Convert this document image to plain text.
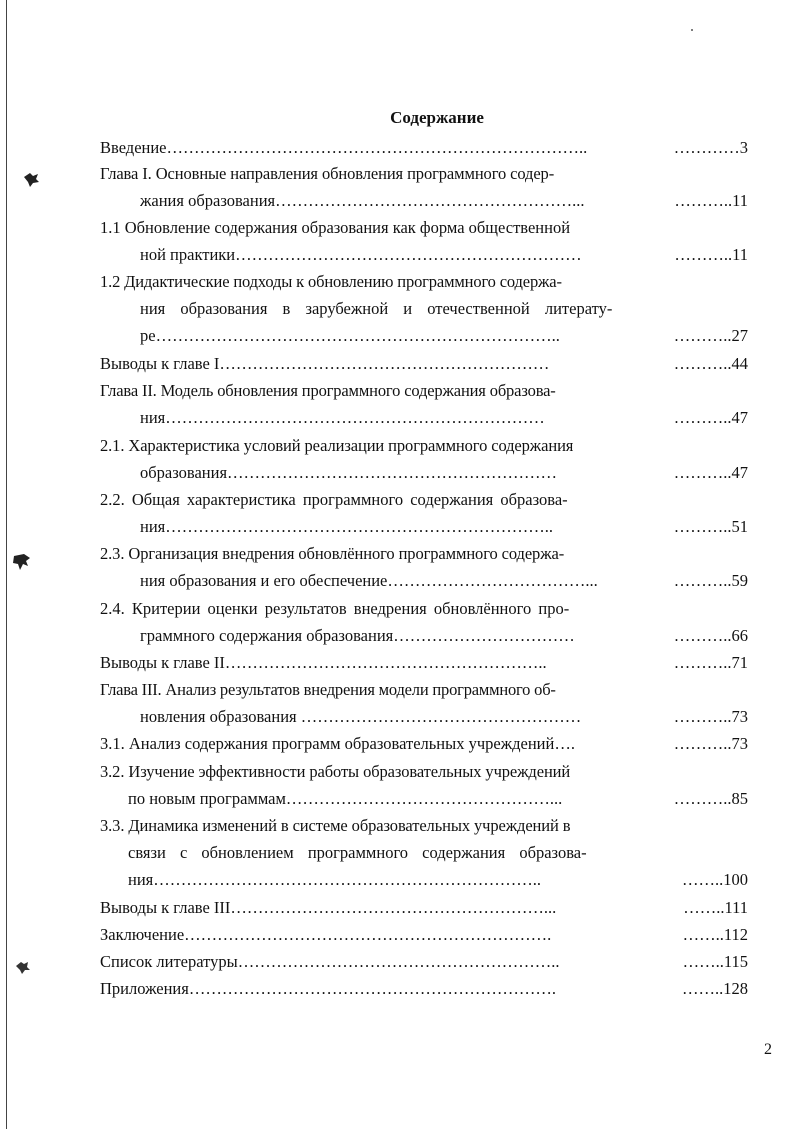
Содержание
Введение…………………………………………………………………..	…………3
Глава I. Основные направления обновления программного содер-
жания образования………………………………………………...	………..11
1.1 Обновление содержания образования как форма общественной
ной практики………………………………………………………	………..11
1.2 Дидактические подходы к обновлению программного содержа-
ния образования в зарубежной и отечественной литерату-
ре………………………………………………………………..	………..27
Выводы к главе I……………………………………………………	………..44
Глава II. Модель обновления программного содержания образова-
ния……………………………………………………………	………..47
2.1. Характеристика условий реализации программного содержания
образования……………………………………………………	………..47
2.2. Общая характеристика программного содержания образова-
ния……………………………………………………………..	………..51
2.3. Организация внедрения обновлённого программного содержа-
ния образования и его обеспечение………………………………...	………..59
2.4. Критерии оценки результатов внедрения обновлённого про-
граммного содержания образования……………………………	………..66
Выводы к главе II…………………………………………………..	………..71
Глава III. Анализ результатов внедрения модели программного об-
новления образования ……………………………………………	………..73
3.1. Анализ содержания программ образовательных учреждений….	………..73
3.2. Изучение эффективности работы образовательных учреждений
по новым программам…………………………………………...	………..85
3.3. Динамика изменений в системе образовательных учреждений в
связи с обновлением программного содержания образова-
ния……………………………………………………………..	……..100
Выводы к главе III…………………………………………………...	……..111
Заключение………………………………………………………….	……..112
Список литературы…………………………………………………..	……..115
Приложения………………………………………………………….	……..128
2
